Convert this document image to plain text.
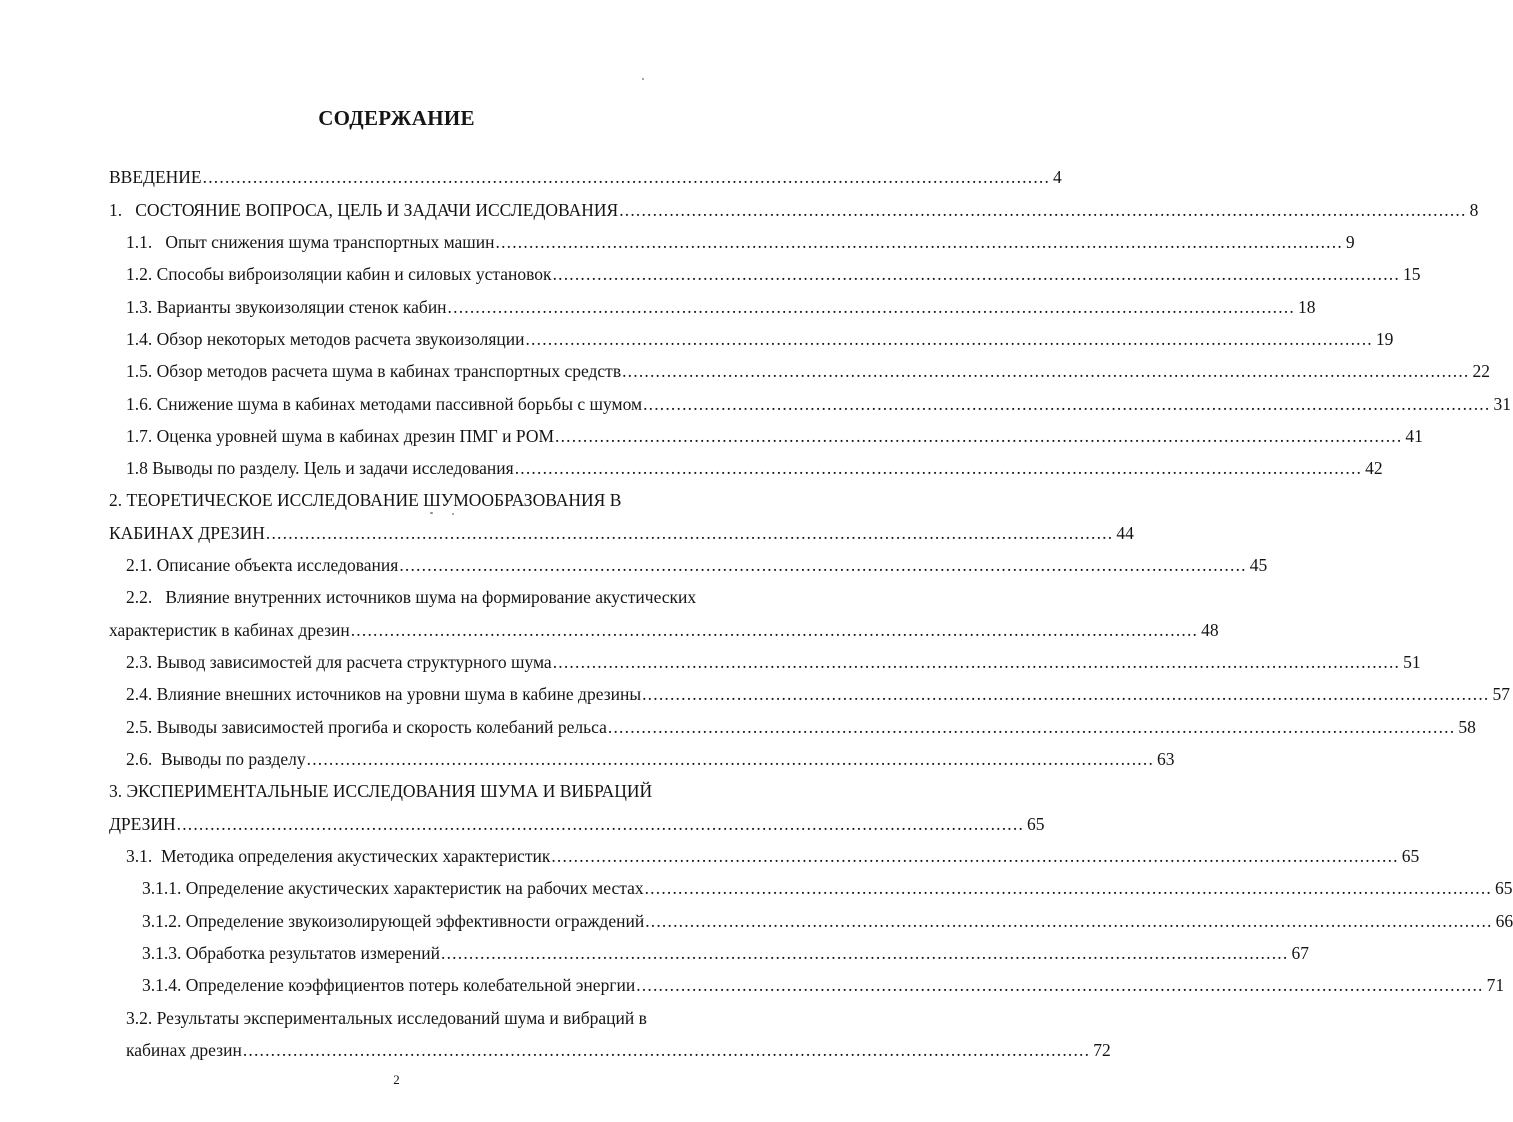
СОДЕРЖАНИЕ
ВВЕДЕНИЕ ........................................................................................................................................................ 4
1.   СОСТОЯНИЕ ВОПРОСА, ЦЕЛЬ И ЗАДАЧИ ИССЛЕДОВАНИЯ ........................................................................................................................................................ 8
1.1.   Опыт снижения шума транспортных машин ........................................................................................................................................................ 9
1.2. Способы виброизоляции кабин и силовых установок ........................................................................................................................................................ 15
1.3. Варианты звукоизоляции стенок кабин ........................................................................................................................................................ 18
1.4. Обзор некоторых методов расчета звукоизоляции ........................................................................................................................................................ 19
1.5. Обзор методов расчета шума в кабинах транспортных средств ........................................................................................................................................................ 22
1.6. Снижение шума в кабинах методами пассивной борьбы с шумом ........................................................................................................................................................ 31
1.7. Оценка уровней шума в кабинах дрезин ПМГ и РОМ ........................................................................................................................................................ 41
1.8 Выводы по разделу. Цель и задачи исследования ........................................................................................................................................................ 42
2. ТЕОРЕТИЧЕСКОЕ ИССЛЕДОВАНИЕ ШУМООБРАЗОВАНИЯ В
КАБИНАХ ДРЕЗИН ........................................................................................................................................................ 44
2.1. Описание объекта исследования ........................................................................................................................................................ 45
2.2.   Влияние внутренних источников шума на формирование акустических
характеристик в кабинах дрезин ........................................................................................................................................................ 48
2.3. Вывод зависимостей для расчета структурного шума ........................................................................................................................................................ 51
2.4. Влияние внешних источников на уровни шума в кабине дрезины ........................................................................................................................................................ 57
2.5. Выводы зависимостей прогиба и скорость колебаний рельса ........................................................................................................................................................ 58
2.6.  Выводы по разделу ........................................................................................................................................................ 63
3. ЭКСПЕРИМЕНТАЛЬНЫЕ ИССЛЕДОВАНИЯ ШУМА И ВИБРАЦИЙ
ДРЕЗИН ........................................................................................................................................................ 65
3.1.  Методика определения акустических характеристик ........................................................................................................................................................ 65
3.1.1. Определение акустических характеристик на рабочих местах ........................................................................................................................................................ 65
3.1.2. Определение звукоизолирующей эффективности ограждений ........................................................................................................................................................ 66
3.1.3. Обработка результатов измерений ........................................................................................................................................................ 67
3.1.4. Определение коэффициентов потерь колебательной энергии ........................................................................................................................................................ 71
3.2. Результаты экспериментальных исследований шума и вибраций в
кабинах дрезин ........................................................................................................................................................ 72
2
